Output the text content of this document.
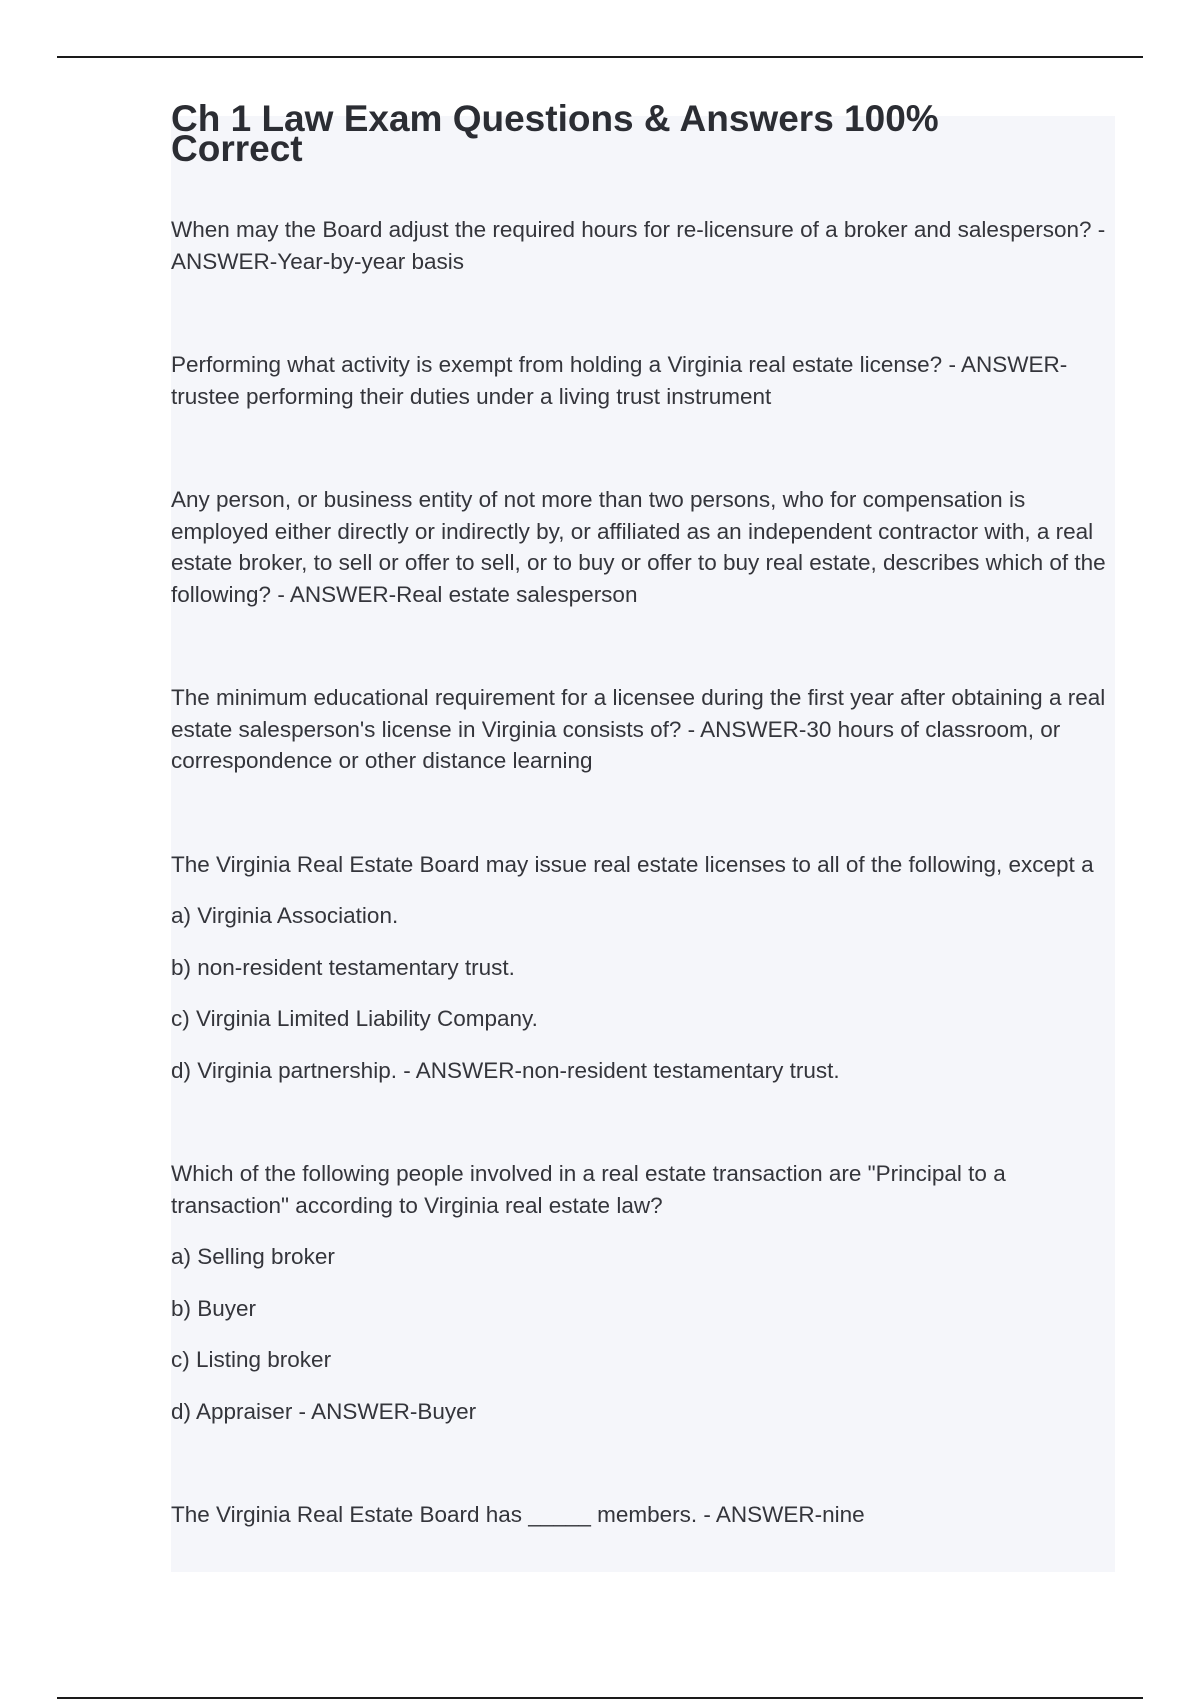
Ch 1 Law Exam Questions & Answers 100% Correct

When may the Board adjust the required hours for re-licensure of a broker and salesperson? - ANSWER-Year-by-year basis

Performing what activity is exempt from holding a Virginia real estate license? - ANSWER-trustee performing their duties under a living trust instrument

Any person, or business entity of not more than two persons, who for compensation is employed either directly or indirectly by, or affiliated as an independent contractor with, a real estate broker, to sell or offer to sell, or to buy or offer to buy real estate, describes which of the following? - ANSWER-Real estate salesperson

The minimum educational requirement for a licensee during the first year after obtaining a real estate salesperson's license in Virginia consists of? - ANSWER-30 hours of classroom, or correspondence or other distance learning

The Virginia Real Estate Board may issue real estate licenses to all of the following, except a

a) Virginia Association.

b) non-resident testamentary trust.

c) Virginia Limited Liability Company.

d) Virginia partnership. - ANSWER-non-resident testamentary trust.

Which of the following people involved in a real estate transaction are "Principal to a transaction" according to Virginia real estate law?

a) Selling broker

b) Buyer

c) Listing broker

d) Appraiser - ANSWER-Buyer

The Virginia Real Estate Board has _____ members. - ANSWER-nine
